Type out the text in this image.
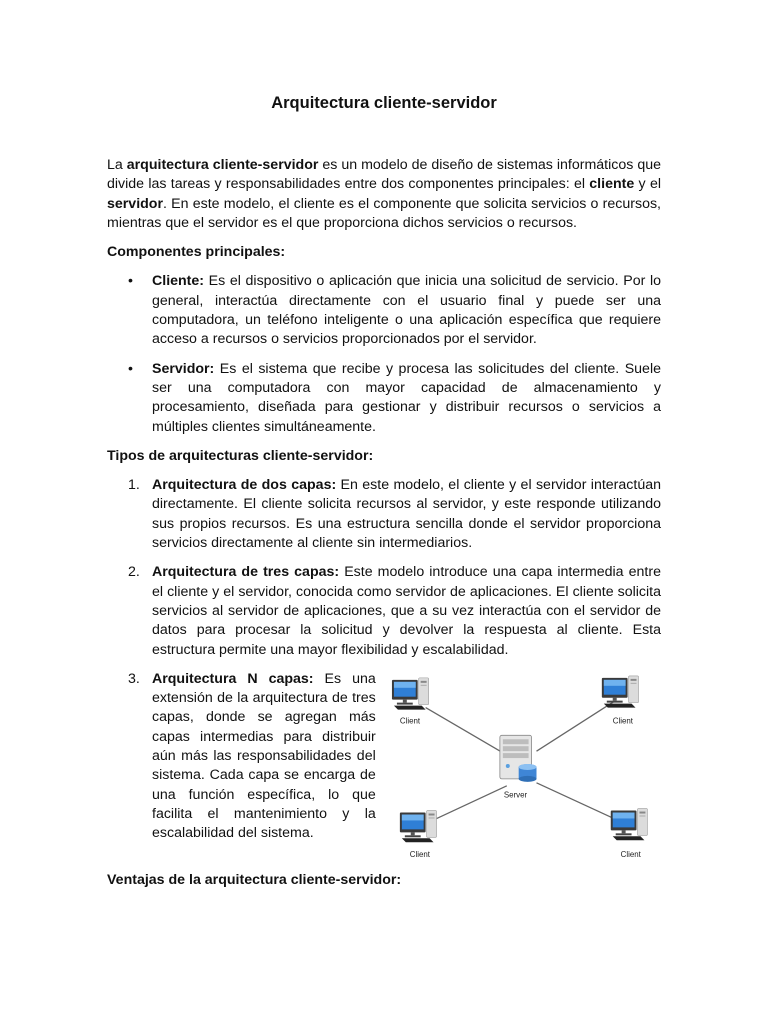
Arquitectura cliente-servidor

La arquitectura cliente-servidor es un modelo de diseño de sistemas informáticos que divide las tareas y responsabilidades entre dos componentes principales: el cliente y el servidor. En este modelo, el cliente es el componente que solicita servicios o recursos, mientras que el servidor es el que proporciona dichos servicios o recursos.

Componentes principales:

• Cliente: Es el dispositivo o aplicación que inicia una solicitud de servicio. Por lo general, interactúa directamente con el usuario final y puede ser una computadora, un teléfono inteligente o una aplicación específica que requiere acceso a recursos o servicios proporcionados por el servidor.
• Servidor: Es el sistema que recibe y procesa las solicitudes del cliente. Suele ser una computadora con mayor capacidad de almacenamiento y procesamiento, diseñada para gestionar y distribuir recursos o servicios a múltiples clientes simultáneamente.

Tipos de arquitecturas cliente-servidor:

1. Arquitectura de dos capas: En este modelo, el cliente y el servidor interactúan directamente. El cliente solicita recursos al servidor, y este responde utilizando sus propios recursos. Es una estructura sencilla donde el servidor proporciona servicios directamente al cliente sin intermediarios.
2. Arquitectura de tres capas: Este modelo introduce una capa intermedia entre el cliente y el servidor, conocida como servidor de aplicaciones. El cliente solicita servicios al servidor de aplicaciones, que a su vez interactúa con el servidor de datos para procesar la solicitud y devolver la respuesta al cliente. Esta estructura permite una mayor flexibilidad y escalabilidad.
3. Arquitectura N capas: Es una extensión de la arquitectura de tres capas, donde se agregan más capas intermedias para distribuir aún más las responsabilidades del sistema. Cada capa se encarga de una función específica, lo que facilita el mantenimiento y la escalabilidad del sistema.
Server
Client	Client
Client	Client

Ventajas de la arquitectura cliente-servidor:
